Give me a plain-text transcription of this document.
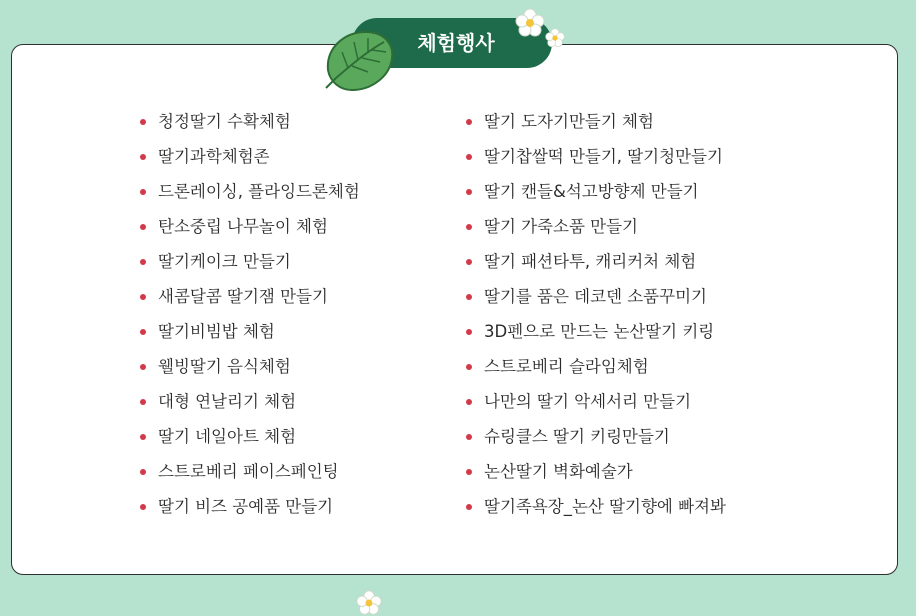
체험행사
청정딸기 수확체험
딸기과학체험존
드론레이싱, 플라잉드론체험
탄소중립 나무놀이 체험
딸기케이크 만들기
새콤달콤 딸기잼 만들기
딸기비빔밥 체험
웰빙딸기 음식체험
대형 연날리기 체험
딸기 네일아트 체험
스트로베리 페이스페인팅
딸기 비즈 공예품 만들기
딸기 도자기만들기 체험
딸기찹쌀떡 만들기, 딸기청만들기
딸기 캔들&석고방향제 만들기
딸기 가죽소품 만들기
딸기 패션타투, 캐리커처 체험
딸기를 품은 데코덴 소품꾸미기
3D펜으로 만드는 논산딸기 키링
스트로베리 슬라임체험
나만의 딸기 악세서리 만들기
슈링클스 딸기 키링만들기
논산딸기 벽화예술가
딸기족욕장_논산 딸기향에 빠져봐
